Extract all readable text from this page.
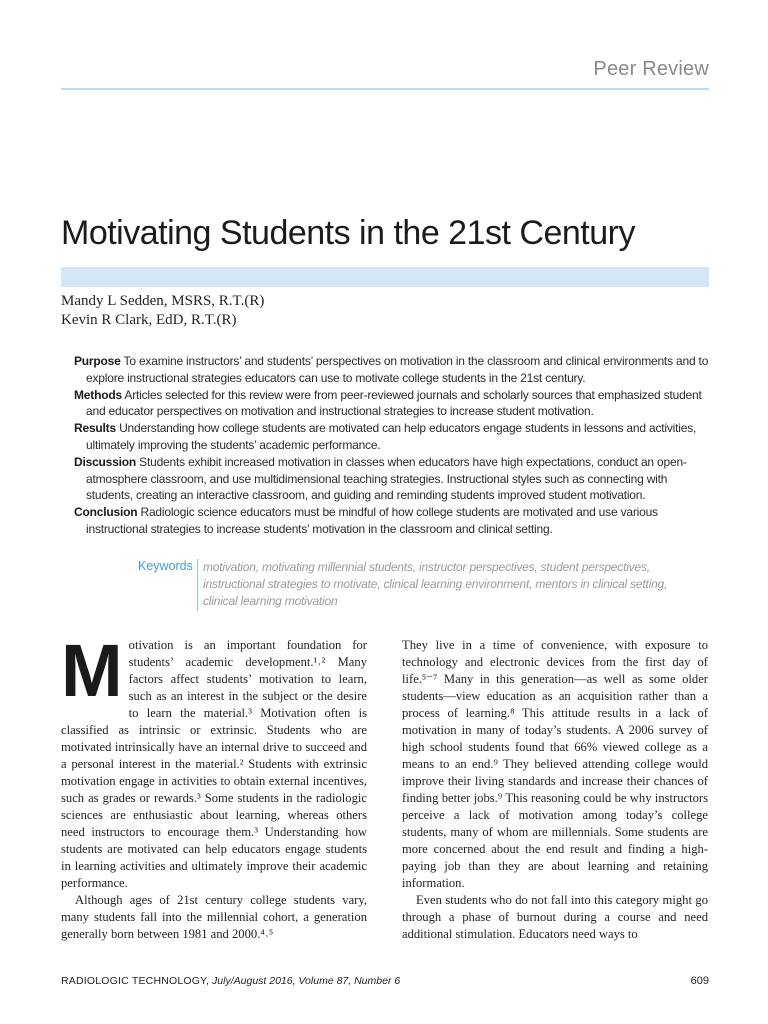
Peer Review
Motivating Students in the 21st Century
Mandy L Sedden, MSRS, R.T.(R)
Kevin R Clark, EdD, R.T.(R)

Purpose To examine instructors’ and students’ perspectives on motivation in the classroom and clinical environments and to explore instructional strategies educators can use to motivate college students in the 21st century.

Methods Articles selected for this review were from peer-reviewed journals and scholarly sources that emphasized student and educator perspectives on motivation and instructional strategies to increase student motivation.

Results Understanding how college students are motivated can help educators engage students in lessons and activities, ultimately improving the students’ academic performance.

Discussion Students exhibit increased motivation in classes when educators have high expectations, conduct an open-atmosphere classroom, and use multidimensional teaching strategies. Instructional styles such as connecting with students, creating an interactive classroom, and guiding and reminding students improved student motivation.

Conclusion Radiologic science educators must be mindful of how college students are motivated and use various instructional strategies to increase students’ motivation in the classroom and clinical setting.

Keywords motivation, motivating millennial students, instructor perspectives, student perspectives, instructional strategies to motivate, clinical learning environment, mentors in clinical setting, clinical learning motivation

Motivation is an important foundation for students’ academic development.¹˒² Many factors affect students’ motivation to learn, such as an interest in the subject or the desire to learn the material.³ Motivation often is classified as intrinsic or extrinsic. Students who are motivated intrinsically have an internal drive to succeed and a personal interest in the material.² Students with extrinsic motivation engage in activities to obtain external incentives, such as grades or rewards.³ Some students in the radiologic sciences are enthusiastic about learning, whereas others need instructors to encourage them.³ Understanding how students are motivated can help educators engage students in learning activities and ultimately improve their academic performance.

Although ages of 21st century college students vary, many students fall into the millennial cohort, a generation generally born between 1981 and 2000.⁴˒⁵

They live in a time of convenience, with exposure to technology and electronic devices from the first day of life.⁵⁻⁷ Many in this generation—as well as some older students—view education as an acquisition rather than a process of learning.⁸ This attitude results in a lack of motivation in many of today’s students. A 2006 survey of high school students found that 66% viewed college as a means to an end.⁹ They believed attending college would improve their living standards and increase their chances of finding better jobs.⁹ This reasoning could be why instructors perceive a lack of motivation among today’s college students, many of whom are millennials. Some students are more concerned about the end result and finding a high-paying job than they are about learning and retaining information.

Even students who do not fall into this category might go through a phase of burnout during a course and need additional stimulation. Educators need ways to

RADIOLOGIC TECHNOLOGY, July/August 2016, Volume 87, Number 6	609
